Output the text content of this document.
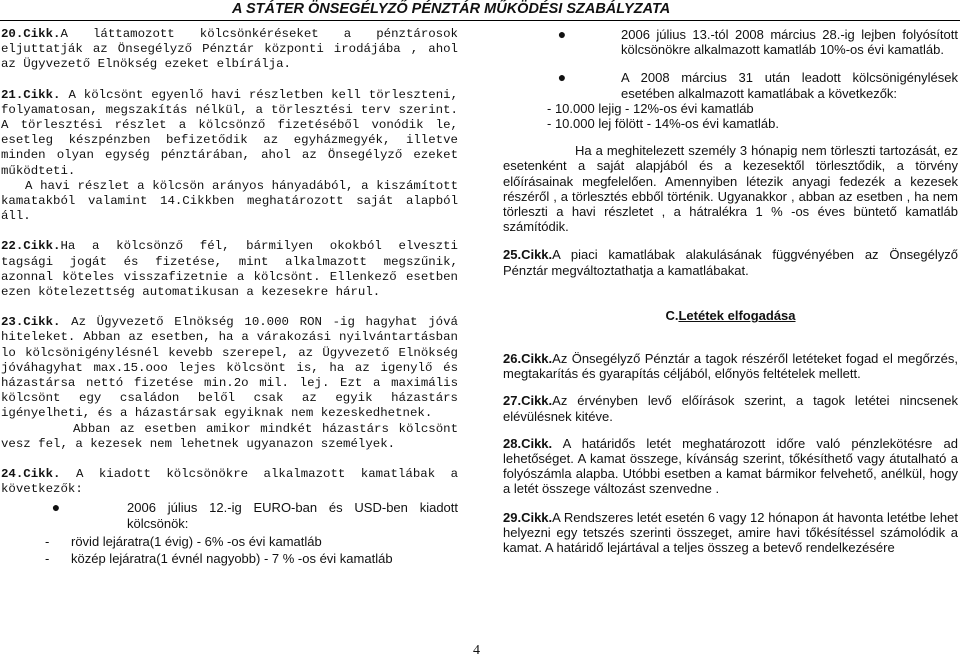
A STÁTER ÖNSEGÉLYZŐ PÉNZTÁR MŰKÖDÉSI SZABÁLYZATA

20.Cikk.A láttamozott kölcsönkéréseket a pénztárosok eljuttatják az Önsegélyző Pénztár központi irodájába , ahol az Ügyvezető Elnökség ezeket elbírálja.

21.Cikk. A kölcsönt egyenlő havi részletben kell törleszteni, folyamatosan, megszakítás nélkül, a törlesztési terv szerint. A törlesztési részlet a kölcsönző fizetéséből vonódik le, esetleg készpénzben befizetődik az egyházmegyék, illetve minden olyan egység pénztárában, ahol az Önsegélyző ezeket működteti.

A havi részlet a kölcsön arányos hányadából, a kiszámított kamatakból valamint 14.Cikkben meghatározott saját alapból áll.

22.Cikk.Ha a kölcsönző fél, bármilyen okokból elveszti tagsági jogát és fizetése, mint alkalmazott megszűnik, azonnal köteles visszafizetnie a kölcsönt. Ellenkező esetben ezen kötelezettség automatikusan a kezesekre hárul.

23.Cikk. Az Ügyvezető Elnökség 10.000 RON -ig hagyhat jóvá hiteleket. Abban az esetben, ha a várakozási nyilvántartásban lo kölcsönigénylésnél kevebb szerepel, az Ügyvezető Elnökség jóváhagyhat max.15.ooo lejes kölcsönt is, ha az igenylő és házastársa nettó fizetése min.2o mil. lej. Ezt a maximális kölcsönt egy családon belől csak az egyik házastárs igényelheti, és a házastársak egyiknak nem kezeskedhetnek.

Abban az esetben amikor mindkét házastárs kölcsönt vesz fel, a kezesek nem lehetnek ugyanazon személyek.

24.Cikk. A kiadott kölcsönökre alkalmazott kamatlábak a következők:

●	2006 július 12.-ig EURO-ban és USD-ben kiadott kölcsönök:
-	rövid lejáratra(1 évig) - 6% -os évi kamatláb
-	közép lejáratra(1 évnél nagyobb) - 7 % -os évi kamatláb
●	2006 július 13.-tól 2008 március 28.-ig lejben folyósított kölcsönökre alkalmazott kamatláb 10%-os évi kamatláb.
●	A 2008 március 31 után leadott kölcsönigénylések esetében alkalmazott kamatlábak a következők:

- 10.000 lejig - 12%-os évi kamatláb

- 10.000 lej fölött - 14%-os évi kamatláb.

Ha a meghitelezett személy 3 hónapig nem törleszti tartozását, ez esetenként a saját alapjából és a kezesektől törlesztődik, a törvény előírásainak megfelelően. Amennyiben létezik anyagi fedezék a kezesek részéről , a törlesztés ebből történik. Ugyanakkor , abban az esetben , ha nem törleszti a havi részletet , a hátralékra 1 % -os éves büntető kamatláb számítódik.

25.Cikk.A piaci kamatlábak alakulásának függvényében az Önsegélyző Pénztár megváltoztathatja a kamatlábakat.

C.Letétek elfogadása

26.Cikk.Az Önsegélyző Pénztár a tagok részéről letéteket fogad el megőrzés, megtakarítás és gyarapítás céljából, előnyös feltételek mellett.

27.Cikk.Az érvényben levő előírások szerint, a tagok letétei nincsenek elévülésnek kitéve.

28.Cikk. A határidős letét meghatározott időre való pénzlekötésre ad lehetőséget. A kamat összege, kívánság szerint, tőkésíthető vagy átutalható a folyószámla alapba. Utóbbi esetben a kamat bármikor felvehető, anélkül, hogy a letét összege változást szenvedne .

29.Cikk.A Rendszeres letét esetén 6 vagy 12 hónapon át havonta letétbe lehet helyezni egy tetszés szerinti összeget, amire havi tőkésítéssel számolódik a kamat. A határidő lejártával a teljes összeg a betevő rendelkezésére

4
